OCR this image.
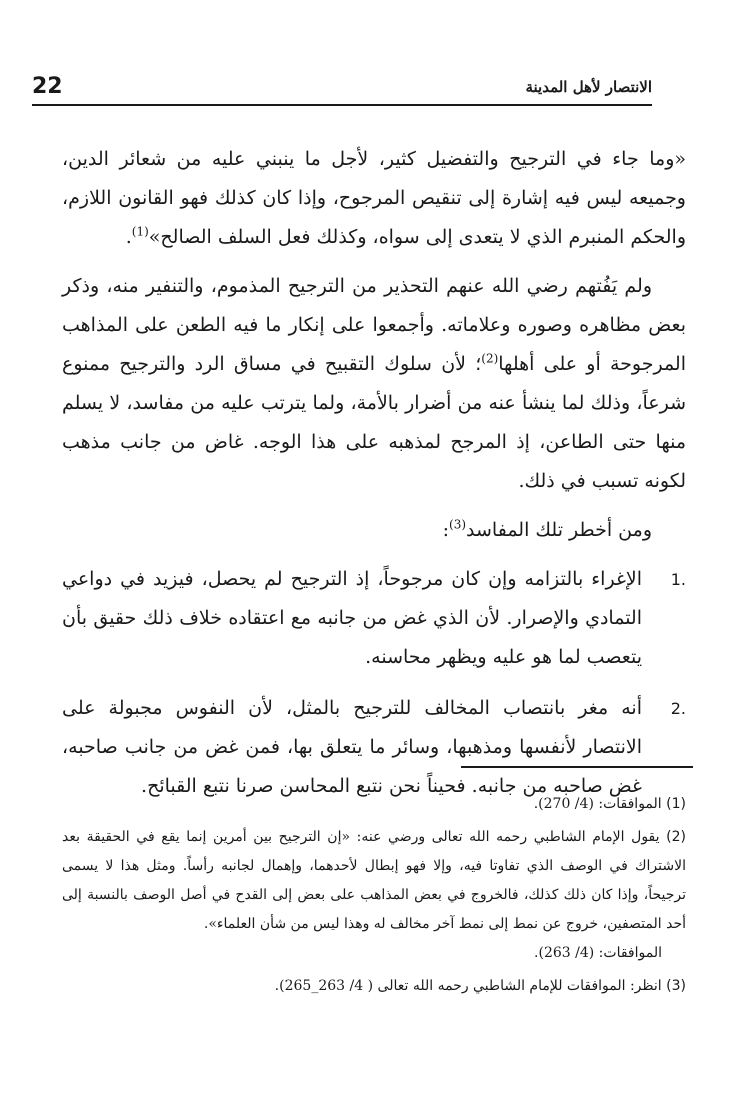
الانتصار لأهل المدينة
22

«وما جاء في الترجيح والتفضيل كثير، لأجل ما ينبني عليه من شعائر الدين، وجميعه ليس فيه إشارة إلى تنقيص المرجوح، وإذا كان كذلك فهو القانون اللازم، والحكم المنبرم الذي لا يتعدى إلى سواه، وكذلك فعل السلف الصالح»$^{(1)}$.

ولم يَفُتهم رضي الله عنهم التحذير من الترجيح المذموم، والتنفير منه، وذكر بعض مظاهره وصوره وعلاماته. وأجمعوا على إنكار ما فيه الطعن على المذاهب المرجوحة أو على أهلها$^{(2)}$؛ لأن سلوك التقبيح في مساق الرد والترجيح ممنوع شرعاً، وذلك لما ينشأ عنه من أضرار بالأمة، ولما يترتب عليه من مفاسد، لا يسلم منها حتى الطاعن، إذ المرجح لمذهبه على هذا الوجه. غاض من جانب مذهب لكونه تسبب في ذلك.

ومن أخطر تلك المفاسد$^{(3)}$:

.1
الإغراء بالتزامه وإن كان مرجوحاً، إذ الترجيح لم يحصل، فيزيد في دواعي التمادي والإصرار. لأن الذي غض من جانبه مع اعتقاده خلاف ذلك حقيق بأن يتعصب لما هو عليه ويظهر محاسنه.
.2
أنه مغر بانتصاب المخالف للترجيح بالمثل، لأن النفوس مجبولة على الانتصار لأنفسها ومذهبها، وسائر ما يتعلق بها، فمن غض من جانب صاحبه، غض صاحبه من جانبه. فحيناً نحن نتبع المحاسن صرنا نتبع القبائح.

(1) الموافقات: (4/ 270).

(2) يقول الإمام الشاطبي رحمه الله تعالى ورضي عنه: «إن الترجيح بين أمرين إنما يقع في الحقيقة بعد الاشتراك في الوصف الذي تفاوتا فيه، وإلا فهو إبطال لأحدهما، وإهمال لجانبه رأساً. ومثل هذا لا يسمى ترجيحاً، وإذا كان ذلك كذلك، فالخروج في بعض المذاهب على بعض إلى القدح في أصل الوصف بالنسبة إلى أحد المتصفين، خروج عن نمط إلى نمط آخر مخالف له وهذا ليس من شأن العلماء».
الموافقات: (4/ 263).

(3) انظر: الموافقات للإمام الشاطبي رحمه الله تعالى ( 4/ 263_265).
